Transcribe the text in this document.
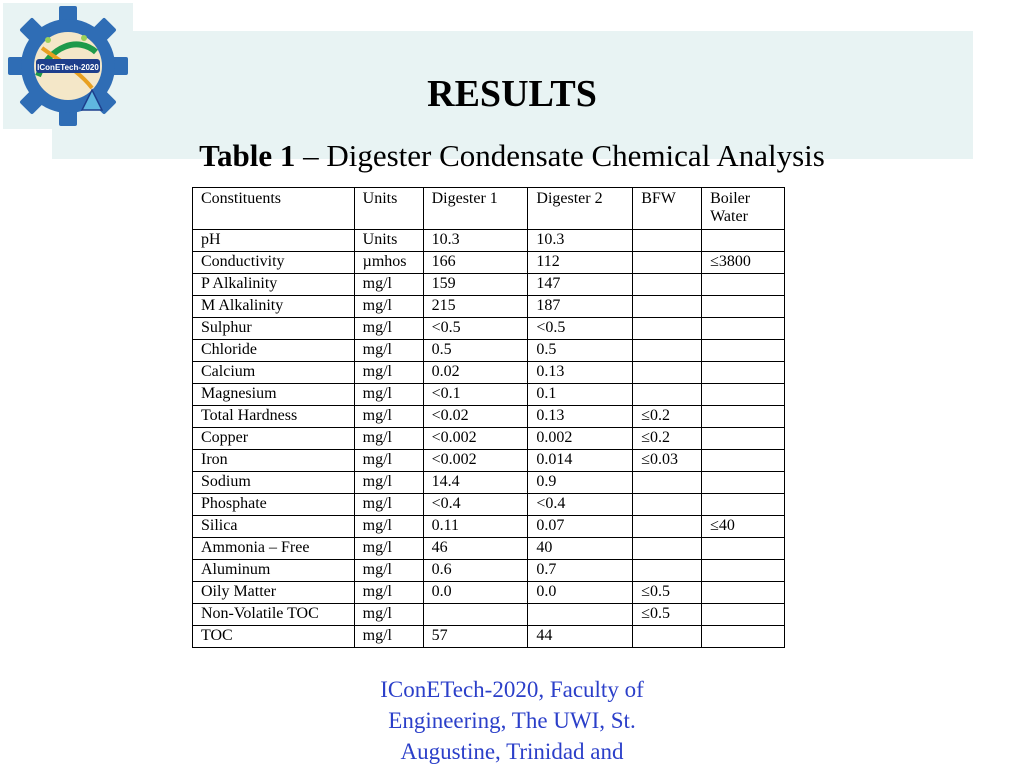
IConETech-2020
RESULTS

Table 1 – Digester Condensate Chemical Analysis

Constituents	Units	Digester 1	Digester 2	BFW	Boiler Water
pH	Units	10.3	10.3		
Conductivity	µmhos	166	112		≤3800
P Alkalinity	mg/l	159	147		
M Alkalinity	mg/l	215	187		
Sulphur	mg/l	<0.5	<0.5		
Chloride	mg/l	0.5	0.5		
Calcium	mg/l	0.02	0.13		
Magnesium	mg/l	<0.1	0.1		
Total Hardness	mg/l	<0.02	0.13	≤0.2	
Copper	mg/l	<0.002	0.002	≤0.2	
Iron	mg/l	<0.002	0.014	≤0.03	
Sodium	mg/l	14.4	0.9		
Phosphate	mg/l	<0.4	<0.4		
Silica	mg/l	0.11	0.07		≤40
Ammonia – Free	mg/l	46	40		
Aluminum	mg/l	0.6	0.7		
Oily Matter	mg/l	0.0	0.0	≤0.5	
Non-Volatile TOC	mg/l			≤0.5	
TOC	mg/l	57	44		
IConETech-2020, Faculty of
Engineering, The UWI, St.
Augustine, Trinidad and
